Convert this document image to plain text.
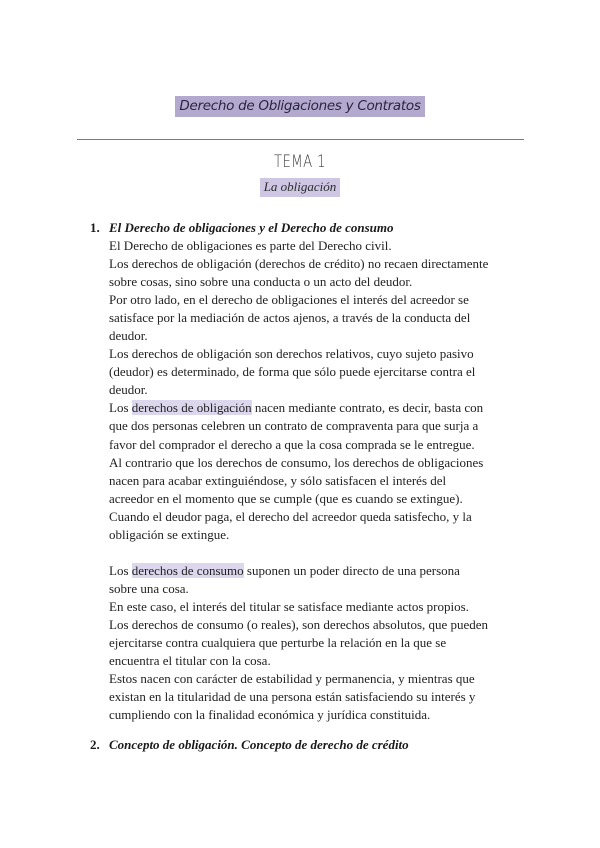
Derecho de Obligaciones y Contratos
TEMA 1
La obligación
1. El Derecho de obligaciones y el Derecho de consumo

El Derecho de obligaciones es parte del Derecho civil.

Los derechos de obligación (derechos de crédito) no recaen directamente

sobre cosas, sino sobre una conducta o un acto del deudor.

Por otro lado, en el derecho de obligaciones el interés del acreedor se

satisface por la mediación de actos ajenos, a través de la conducta del

deudor.

Los derechos de obligación son derechos relativos, cuyo sujeto pasivo

(deudor) es determinado, de forma que sólo puede ejercitarse contra el

deudor.

Los derechos de obligación nacen mediante contrato, es decir, basta con

que dos personas celebren un contrato de compraventa para que surja a

favor del comprador el derecho a que la cosa comprada se le entregue.

Al contrario que los derechos de consumo, los derechos de obligaciones

nacen para acabar extinguiéndose, y sólo satisfacen el interés del

acreedor en el momento que se cumple (que es cuando se extingue).

Cuando el deudor paga, el derecho del acreedor queda satisfecho, y la

obligación se extingue.

Los derechos de consumo suponen un poder directo de una persona

sobre una cosa.

En este caso, el interés del titular se satisface mediante actos propios.

Los derechos de consumo (o reales), son derechos absolutos, que pueden

ejercitarse contra cualquiera que perturbe la relación en la que se

encuentra el titular con la cosa.

Estos nacen con carácter de estabilidad y permanencia, y mientras que

existan en la titularidad de una persona están satisfaciendo su interés y

cumpliendo con la finalidad económica y jurídica constituida.

2. Concepto de obligación. Concepto de derecho de crédito
